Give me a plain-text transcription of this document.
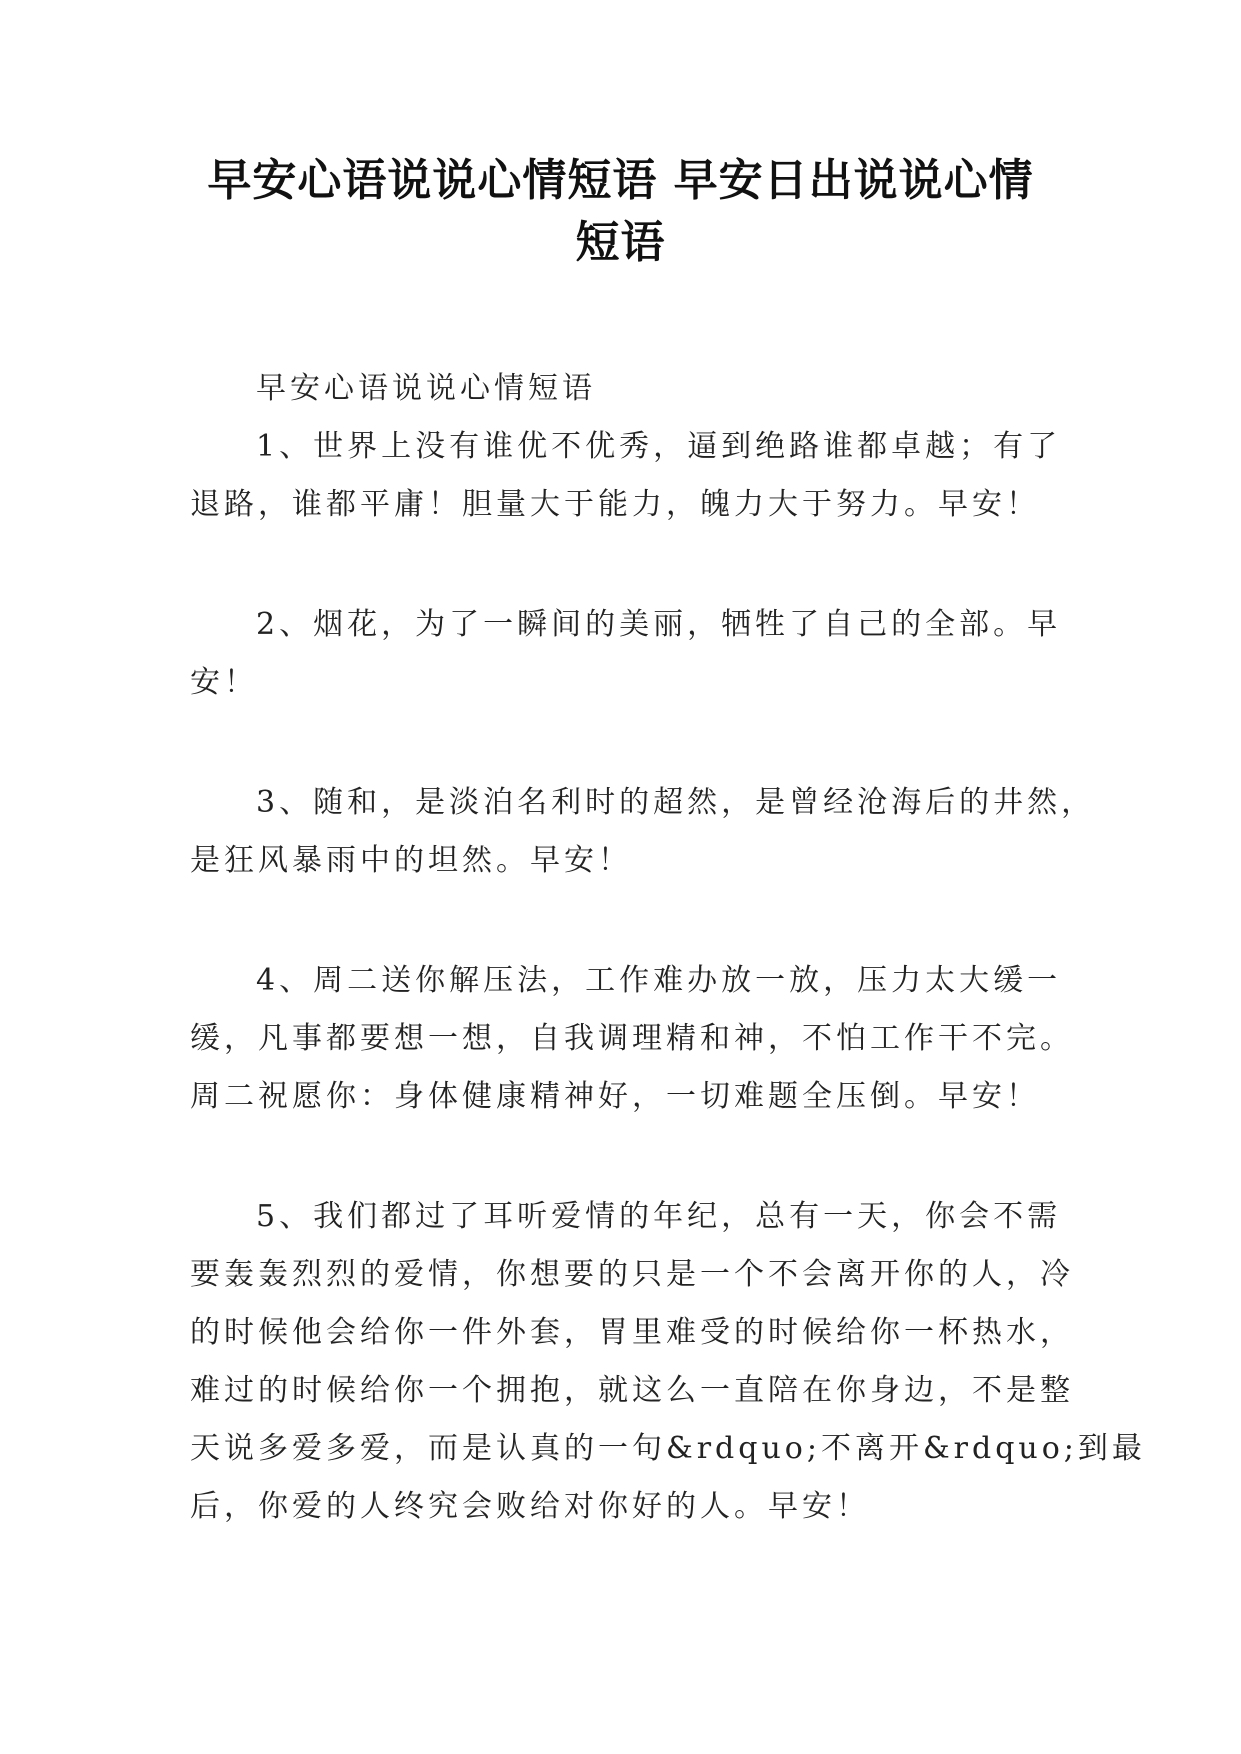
早安心语说说心情短语 早安日出说说心情
短语
早安心语说说心情短语
1、世界上没有谁优不优秀，逼到绝路谁都卓越；有了
退路，谁都平庸！胆量大于能力，魄力大于努力。早安！
2、烟花，为了一瞬间的美丽，牺牲了自己的全部。早
安！
3、随和，是淡泊名利时的超然，是曾经沧海后的井然，
是狂风暴雨中的坦然。早安！
4、周二送你解压法，工作难办放一放，压力太大缓一
缓，凡事都要想一想，自我调理精和神，不怕工作干不完。
周二祝愿你：身体健康精神好，一切难题全压倒。早安！
5、我们都过了耳听爱情的年纪，总有一天，你会不需
要轰轰烈烈的爱情，你想要的只是一个不会离开你的人，冷
的时候他会给你一件外套，胃里难受的时候给你一杯热水，
难过的时候给你一个拥抱，就这么一直陪在你身边，不是整
天说多爱多爱，而是认真的一句&rdquo;不离开&rdquo;到最
后，你爱的人终究会败给对你好的人。早安！
